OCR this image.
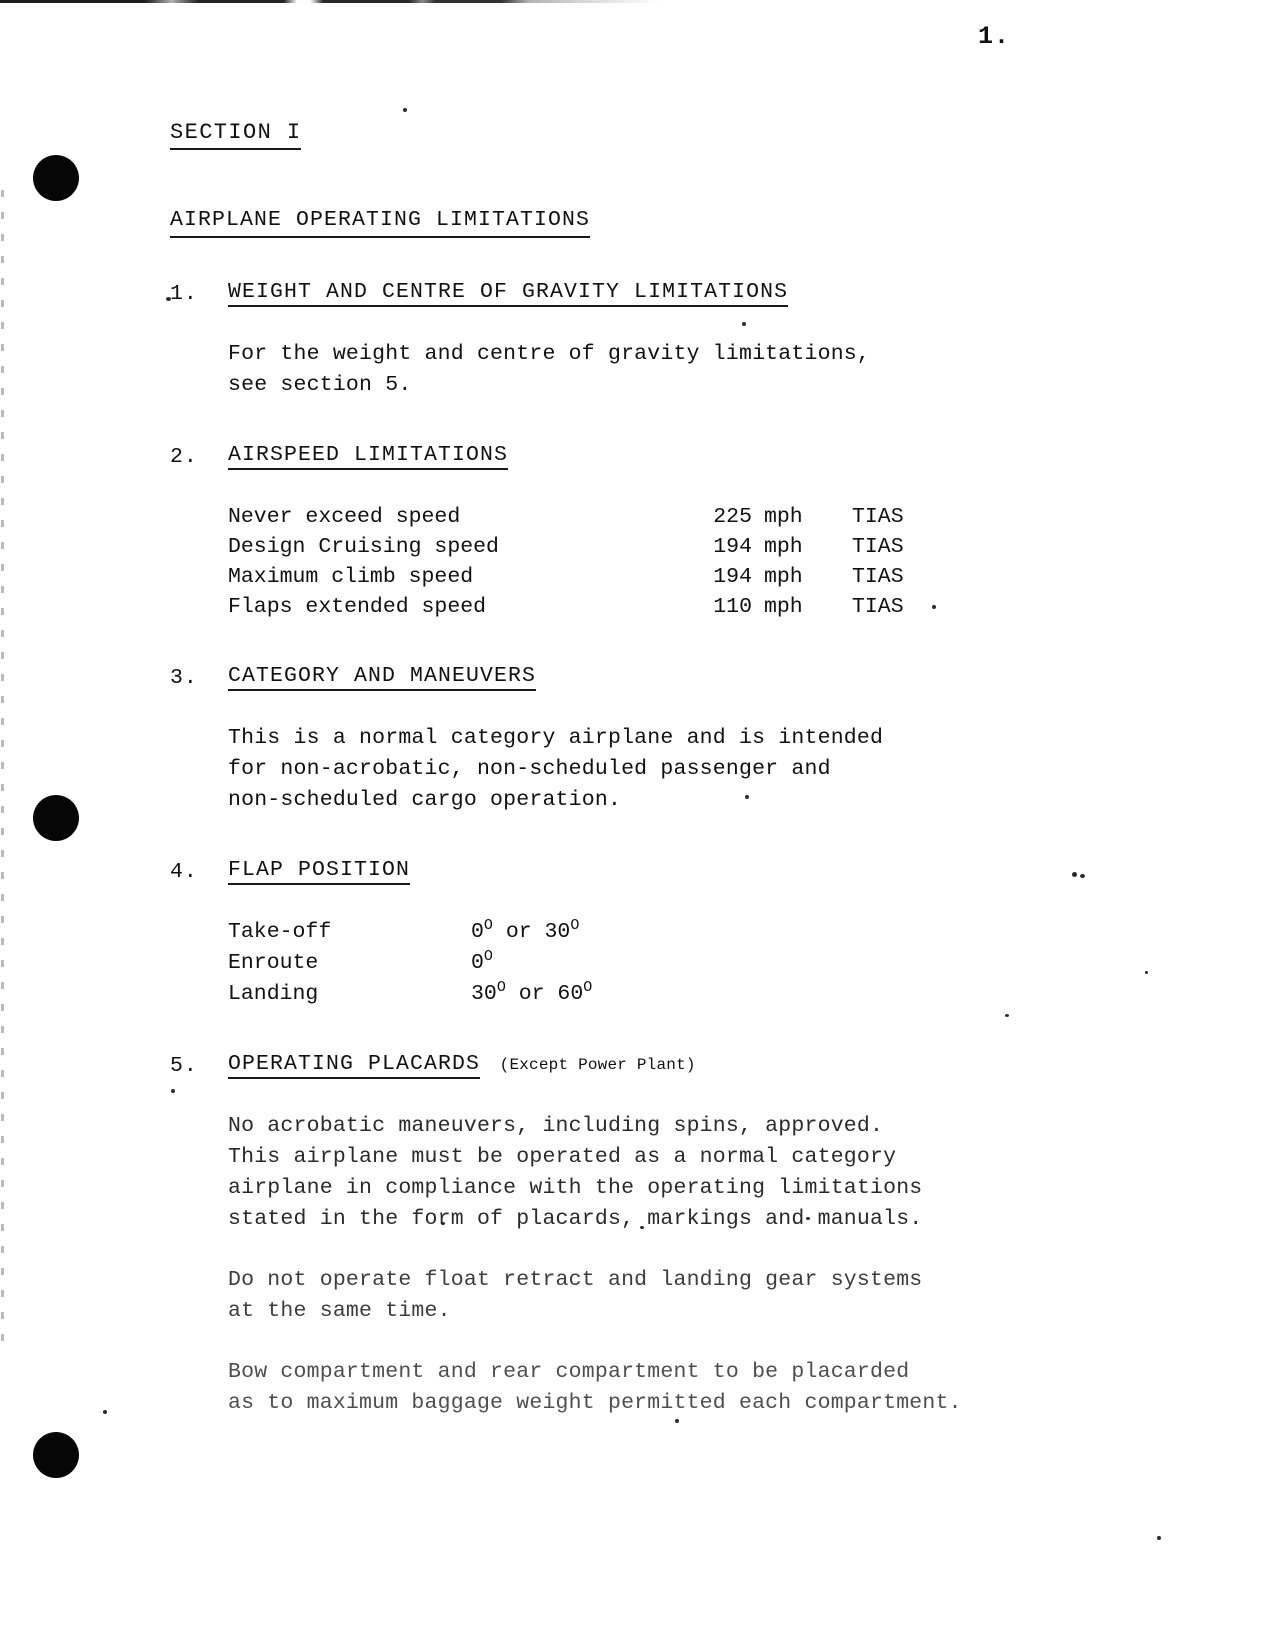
1.
SECTION I
AIRPLANE OPERATING LIMITATIONS
1.	WEIGHT AND CENTRE OF GRAVITY LIMITATIONS
For the weight and centre of gravity limitations,
see section 5.
2.	AIRSPEED LIMITATIONS
Never exceed speed	225	mph	TIAS
Design Cruising speed	194	mph	TIAS
Maximum climb speed	194	mph	TIAS
Flaps extended speed	110	mph	TIAS
3.	CATEGORY AND MANEUVERS
This is a normal category airplane and is intended
for non-acrobatic, non-scheduled passenger and
non-scheduled cargo operation.
4.	FLAP POSITION
Take-off	$0^O$ or $30^O$
Enroute	$0^O$
Landing	$30^O$ or $60^O$
5.	OPERATING PLACARDS (Except Power Plant)
No acrobatic maneuvers, including spins, approved.
This airplane must be operated as a normal category
airplane in compliance with the operating limitations
stated in the form of placards, markings and manuals.
Do not operate float retract and landing gear systems
at the same time.
Bow compartment and rear compartment to be placarded
as to maximum baggage weight permitted each compartment.
